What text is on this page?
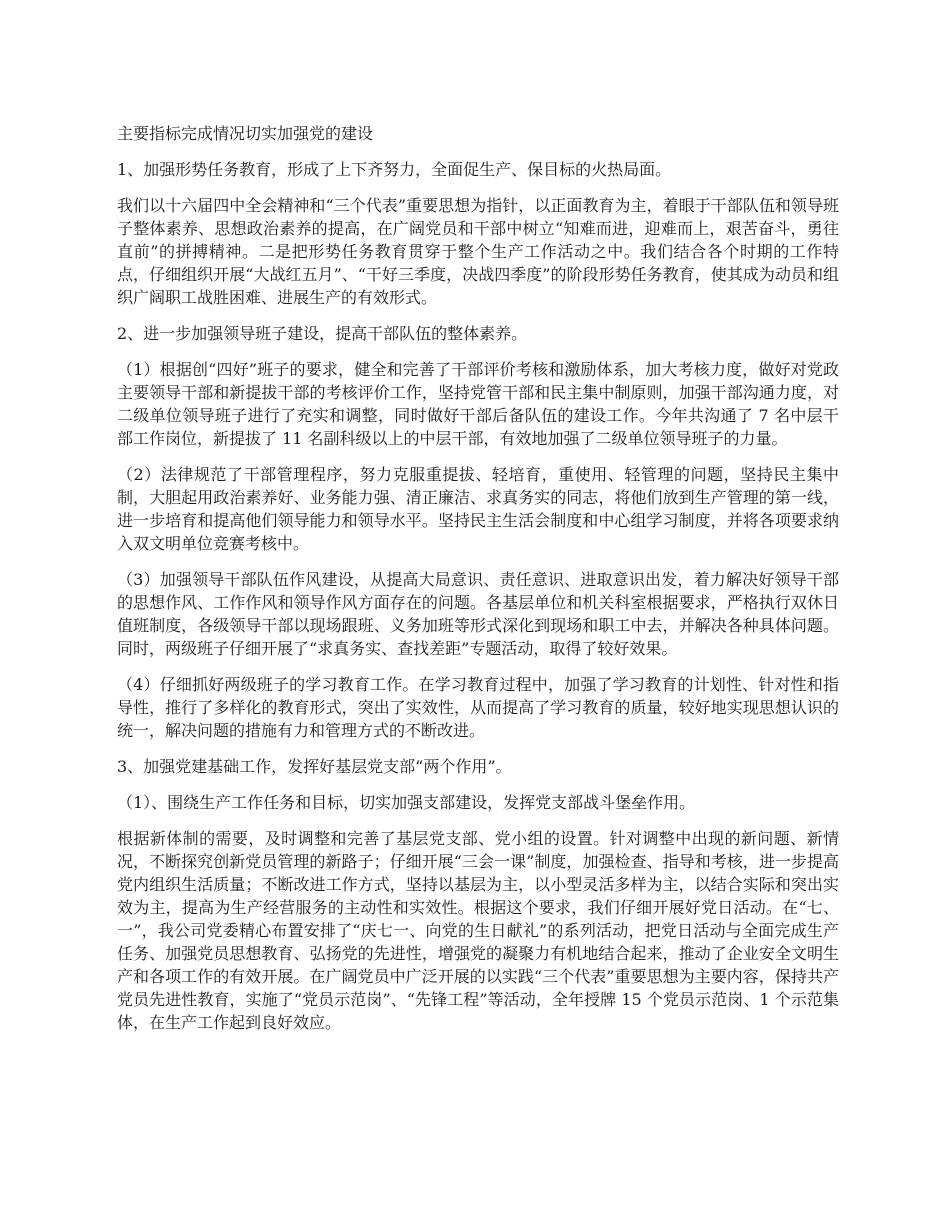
主要指标完成情况切实加强党的建设

1、加强形势任务教育，形成了上下齐努力，全面促生产、保目标的火热局面。

我们以十六届四中全会精神和“三个代表”重要思想为指针，以正面教育为主，着眼于干部队伍和领导班子整体素养、思想政治素养的提高，在广阔党员和干部中树立“知难而进，迎难而上，艰苦奋斗，勇往直前”的拼搏精神。二是把形势任务教育贯穿于整个生产工作活动之中。我们结合各个时期的工作特点，仔细组织开展“大战红五月”、“干好三季度，决战四季度”的阶段形势任务教育，使其成为动员和组织广阔职工战胜困难、进展生产的有效形式。

2、进一步加强领导班子建设，提高干部队伍的整体素养。

（1）根据创“四好”班子的要求，健全和完善了干部评价考核和激励体系，加大考核力度，做好对党政主要领导干部和新提拔干部的考核评价工作，坚持党管干部和民主集中制原则，加强干部沟通力度，对二级单位领导班子进行了充实和调整，同时做好干部后备队伍的建设工作。今年共沟通了 7 名中层干部工作岗位，新提拔了 11 名副科级以上的中层干部，有效地加强了二级单位领导班子的力量。

（2）法律规范了干部管理程序，努力克服重提拔、轻培育，重使用、轻管理的问题，坚持民主集中制，大胆起用政治素养好、业务能力强、清正廉洁、求真务实的同志，将他们放到生产管理的第一线，进一步培育和提高他们领导能力和领导水平。坚持民主生活会制度和中心组学习制度，并将各项要求纳入双文明单位竞赛考核中。

（3）加强领导干部队伍作风建设，从提高大局意识、责任意识、进取意识出发，着力解决好领导干部的思想作风、工作作风和领导作风方面存在的问题。各基层单位和机关科室根据要求，严格执行双休日值班制度，各级领导干部以现场跟班、义务加班等形式深化到现场和职工中去，并解决各种具体问题。同时，两级班子仔细开展了“求真务实、查找差距”专题活动，取得了较好效果。

（4）仔细抓好两级班子的学习教育工作。在学习教育过程中，加强了学习教育的计划性、针对性和指导性，推行了多样化的教育形式，突出了实效性，从而提高了学习教育的质量，较好地实现思想认识的统一，解决问题的措施有力和管理方式的不断改进。

3、加强党建基础工作，发挥好基层党支部“两个作用”。

（1）、围绕生产工作任务和目标，切实加强支部建设，发挥党支部战斗堡垒作用。

根据新体制的需要，及时调整和完善了基层党支部、党小组的设置。针对调整中出现的新问题、新情况，不断探究创新党员管理的新路子；仔细开展“三会一课”制度，加强检查、指导和考核，进一步提高党内组织生活质量；不断改进工作方式，坚持以基层为主，以小型灵活多样为主，以结合实际和突出实效为主，提高为生产经营服务的主动性和实效性。根据这个要求，我们仔细开展好党日活动。在“七、一”，我公司党委精心布置安排了“庆七一、向党的生日献礼”的系列活动，把党日活动与全面完成生产任务、加强党员思想教育、弘扬党的先进性，增强党的凝聚力有机地结合起来，推动了企业安全文明生产和各项工作的有效开展。在广阔党员中广泛开展的以实践“三个代表”重要思想为主要内容，保持共产党员先进性教育，实施了“党员示范岗”、“先锋工程”等活动，全年授牌 15 个党员示范岗、1 个示范集体，在生产工作起到良好效应。
